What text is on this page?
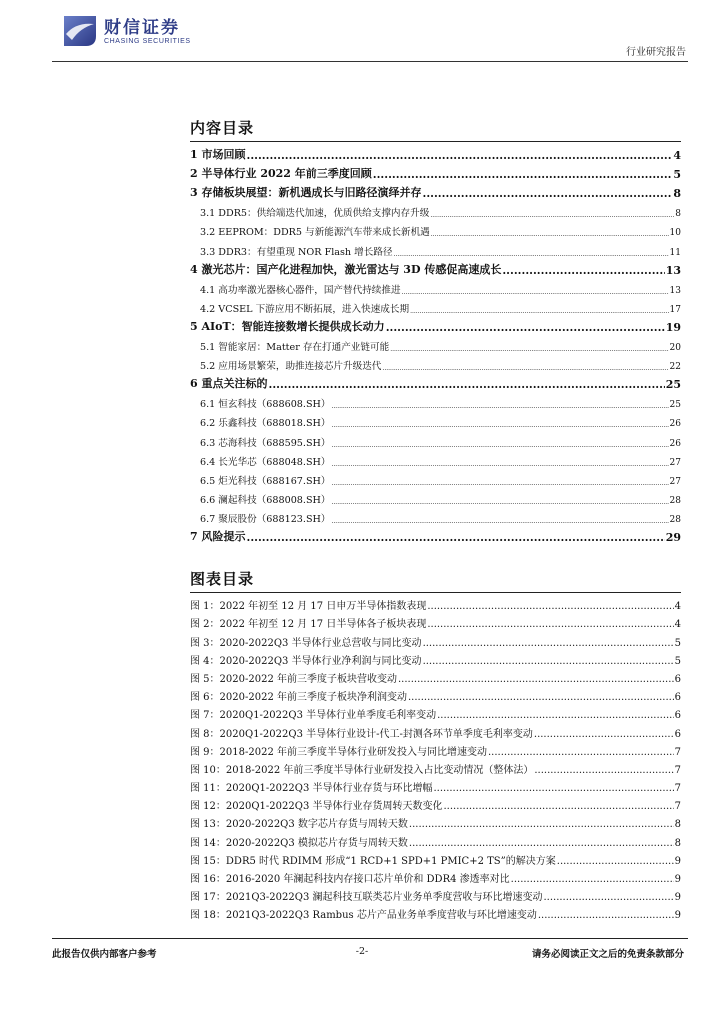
财信证券
CHASING SECURITIES
行业研究报告
内容目录
1 市场回顾 .....	4
2 半导体行业 2022 年前三季度回顾 .....	5
3 存储板块展望：新机遇成长与旧路径演绎并存 .....	8
3.1 DDR5：供给端迭代加速，优质供给支撑内存升级 .....	8
3.2 EEPROM：DDR5 与新能源汽车带来成长新机遇 .....	10
3.3 DDR3：有望重现 NOR Flash 增长路径 .....	11
4 激光芯片：国产化进程加快，激光雷达与 3D 传感促高速成长 .....	13
4.1 高功率激光器核心器件，国产替代持续推进 .....	13
4.2 VCSEL 下游应用不断拓展，进入快速成长期 .....	17
5 AIoT：智能连接数增长提供成长动力 .....	19
5.1 智能家居：Matter 存在打通产业链可能 .....	20
5.2 应用场景繁荣，助推连接芯片升级迭代 .....	22
6 重点关注标的 .....	25
6.1 恒玄科技（688608.SH） .....	25
6.2 乐鑫科技（688018.SH） .....	26
6.3 芯海科技（688595.SH） .....	26
6.4 长光华芯（688048.SH） .....	27
6.5 炬光科技（688167.SH） .....	27
6.6 澜起科技（688008.SH） .....	28
6.7 聚辰股份（688123.SH） .....	28
7 风险提示 .....	29
图表目录
图 1：2022 年初至 12 月 17 日申万半导体指数表现 .....	4
图 2：2022 年初至 12 月 17 日半导体各子板块表现 .....	4
图 3：2020-2022Q3 半导体行业总营收与同比变动 .....	5
图 4：2020-2022Q3 半导体行业净利润与同比变动 .....	5
图 5：2020-2022 年前三季度子板块营收变动 .....	6
图 6：2020-2022 年前三季度子板块净利润变动 .....	6
图 7：2020Q1-2022Q3 半导体行业单季度毛利率变动 .....	6
图 8：2020Q1-2022Q3 半导体行业设计-代工-封测各环节单季度毛利率变动 .....	6
图 9：2018-2022 年前三季度半导体行业研发投入与同比增速变动 .....	7
图 10：2018-2022 年前三季度半导体行业研发投入占比变动情况（整体法） .....	7
图 11：2020Q1-2022Q3 半导体行业存货与环比增幅 .....	7
图 12：2020Q1-2022Q3 半导体行业存货周转天数变化 .....	7
图 13：2020-2022Q3 数字芯片存货与周转天数 .....	8
图 14：2020-2022Q3 模拟芯片存货与周转天数 .....	8
图 15：DDR5 时代 RDIMM 形成“1 RCD+1 SPD+1 PMIC+2 TS”的解决方案 .....	9
图 16：2016-2020 年澜起科技内存接口芯片单价和 DDR4 渗透率对比 .....	9
图 17：2021Q3-2022Q3 澜起科技互联类芯片业务单季度营收与环比增速变动 .....	9
图 18：2021Q3-2022Q3 Rambus 芯片产品业务单季度营收与环比增速变动 .....	9
此报告仅供内部客户参考	-2-	请务必阅读正文之后的免责条款部分
